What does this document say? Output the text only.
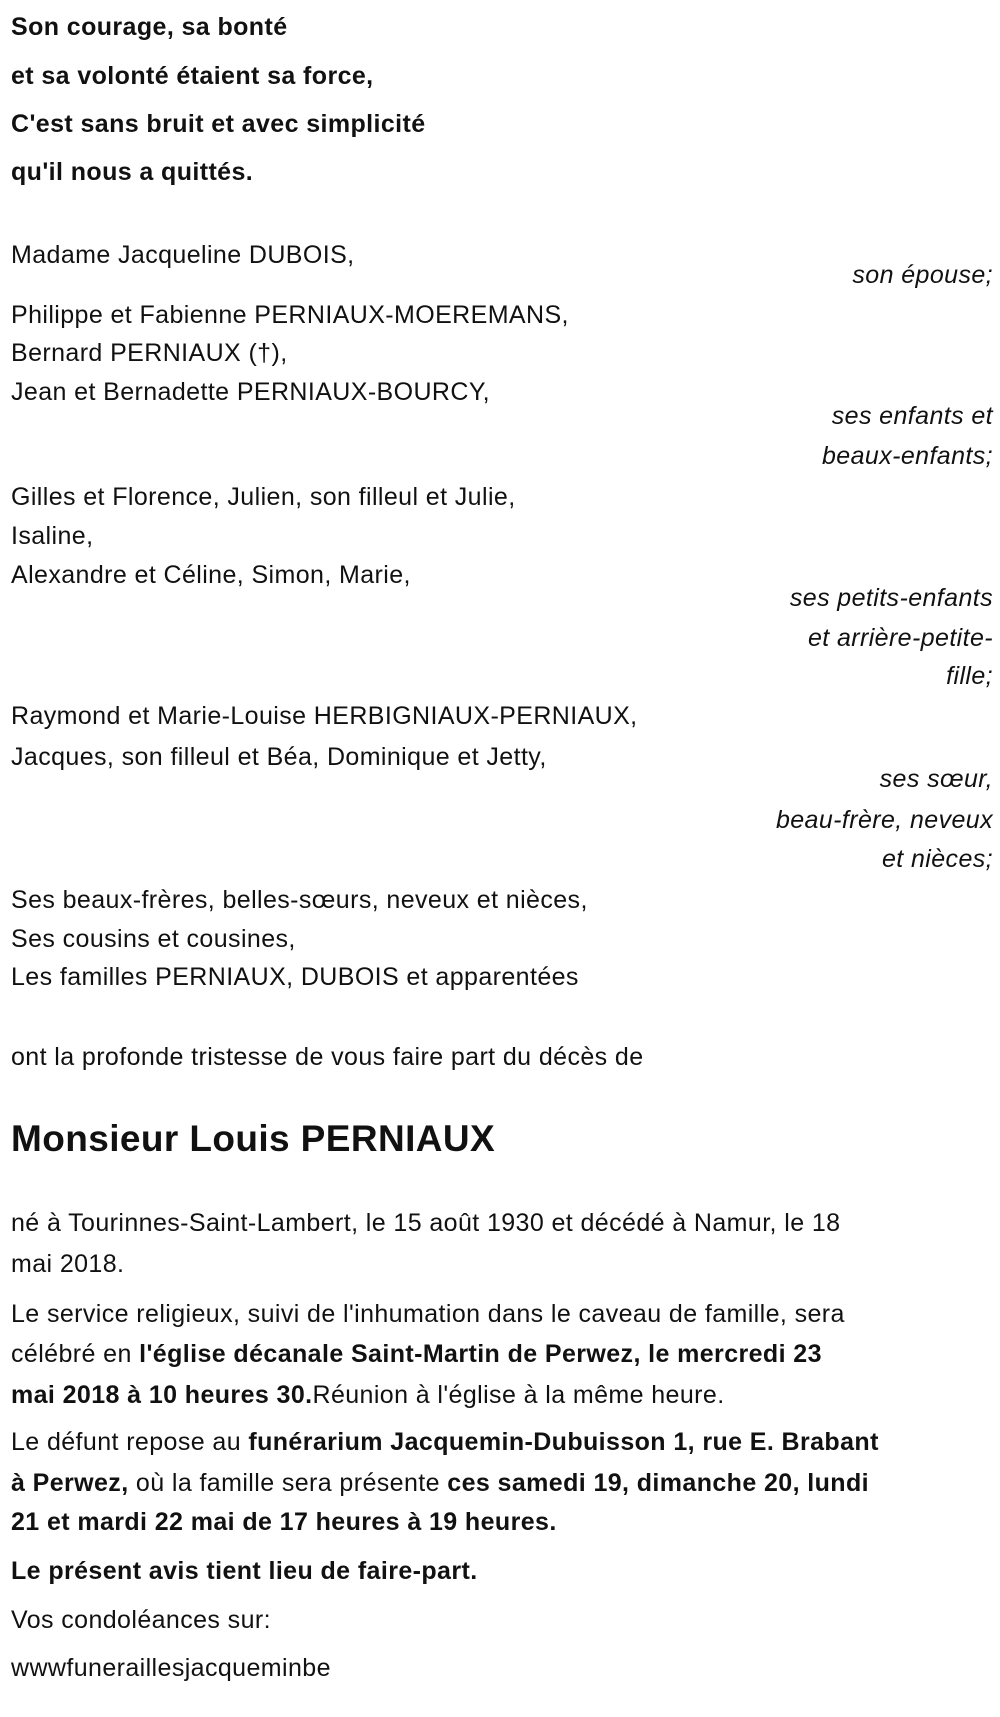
Son courage, sa bonté
et sa volonté étaient sa force,
C'est sans bruit et avec simplicité
qu'il nous a quittés.
Madame Jacqueline DUBOIS,
son épouse;
Philippe et Fabienne PERNIAUX-MOEREMANS,
Bernard PERNIAUX (†),
Jean et Bernadette PERNIAUX-BOURCY,
ses enfants et
beaux-enfants;
Gilles et Florence, Julien, son filleul et Julie,
Isaline,
Alexandre et Céline, Simon, Marie,
ses petits-enfants
et arrière-petite-
fille;
Raymond et Marie-Louise HERBIGNIAUX-PERNIAUX,
Jacques, son filleul et Béa, Dominique et Jetty,
ses sœur,
beau-frère, neveux
et nièces;
Ses beaux-frères, belles-sœurs, neveux et nièces,
Ses cousins et cousines,
Les familles PERNIAUX, DUBOIS et apparentées
ont la profonde tristesse de vous faire part du décès de
Monsieur Louis PERNIAUX
né à Tourinnes-Saint-Lambert, le 15 août 1930 et décédé à Namur, le 18
mai 2018.
Le service religieux, suivi de l'inhumation dans le caveau de famille, sera
célébré en l'église décanale Saint-Martin de Perwez, le mercredi 23
mai 2018 à 10 heures 30.Réunion à l'église à la même heure.
Le défunt repose au funérarium Jacquemin-Dubuisson 1, rue E. Brabant
à Perwez, où la famille sera présente ces samedi 19, dimanche 20, lundi
21 et mardi 22 mai de 17 heures à 19 heures.
Le présent avis tient lieu de faire-part.
Vos condoléances sur:
wwwfuneraillesjacqueminbe
